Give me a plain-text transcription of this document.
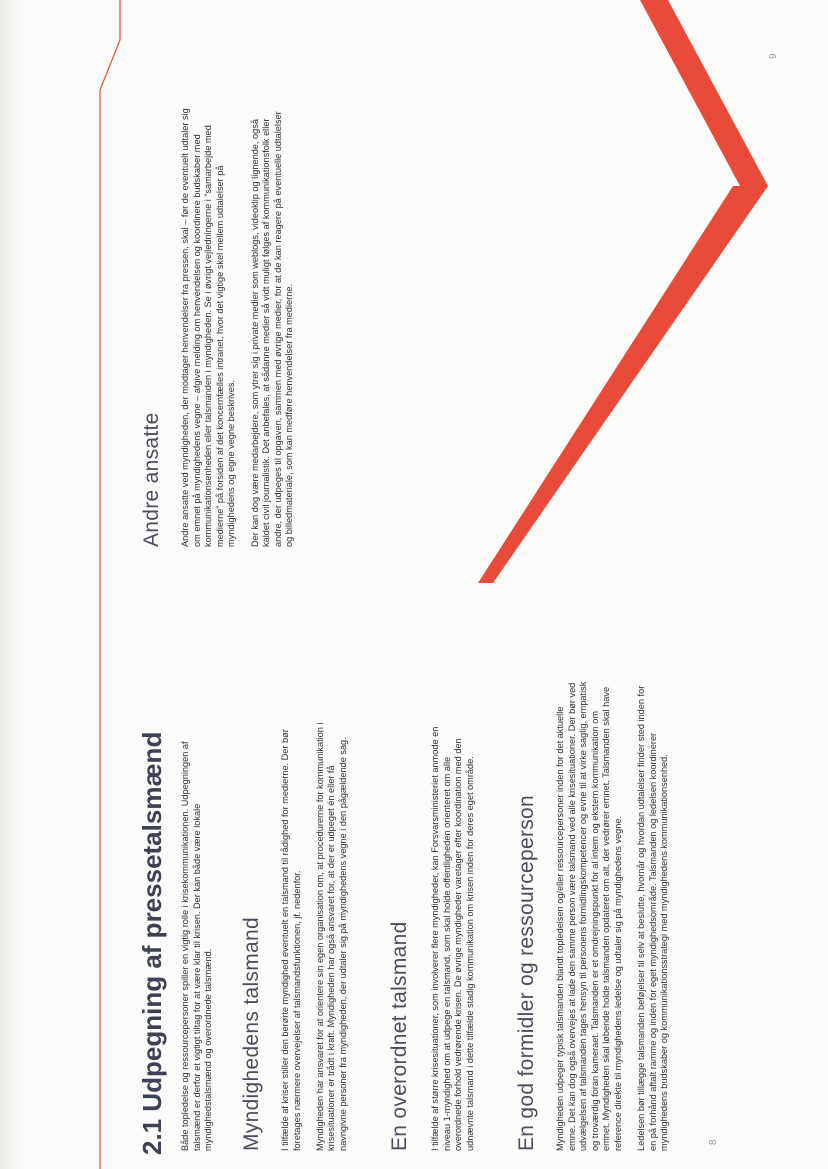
8
9
2.1 Udpegning af pressetalsmænd Både topledelse og ressourcepersoner spiller en vigtig rolle i krisekommunikationen. Udpegningen af talsmænd er derfor et vigtigt tiltag for at være klar til krisen. Der kan både være lokale myndighedstalsmænd og overordnede talsmænd. Myndighedens talsmand I tilfælde af kriser stiller den berørte myndighed eventuelt en talsmand til rådighed for medierne. Der bør foretages nærmere overvejelser af talsmandsfunktionen, jf. nedenfor. Myndigheden har ansvaret for at orientere sin egen organisation om, at procedurerne for kommunikation i krisesituationer er trådt i kraft. Myndigheden har også ansvaret for, at der er udpeget én eller få navngivne personer fra myndigheden, der udtaler sig på myndighedens vegne i den pågældende sag. En overordnet talsmand I tilfælde af større krisesituationer, som involverer flere myndigheder, kan Forsvarsministeriet anmode en niveau 1-myndighed om at udpege en talsmand, som skal holde offentligheden orienteret om alle overordnede forhold vedrørende krisen. De øvrige myndigheder varetager efter koordination med den udnævnte talsmand i dette tilfælde stadig kommunikation om krisen inden for deres eget område. En god formidler og ressourceperson Myndigheden udpeger typisk talsmanden blandt topledelsen og/eller ressourcepersoner inden for det aktuelle emne. Det kan dog også overvejes at lade den samme person være talsmand ved alle krisesituationer. Der bør ved udvælgelsen af talsmanden tages hensyn til personens formidlingskompetencer og evne til at virke saglig, empatisk og troværdig foran kameraet. Talsmanden er et omdrejningspunkt for al intern og ekstern kommunikation om emnet. Myndigheden skal løbende holde talsmanden opdateret om alt, der vedrører emnet. Talsmanden skal have reference direkte til myndighedens ledelse og udtaler sig på myndighedens vegne. Ledelsen bør tillægge talsmanden beføjelser til selv at beslutte, hvornår og hvordan udtalelser finder sted inden for en på forhånd aftalt ramme og inden for eget myndighedsområde. Talsmanden og ledelsen koordinerer myndighedens budskaber og kommunikationsstrategi med myndighedens kommunikationsenhed.

Andre ansatte Andre ansatte ved myndigheden, der modtager henvendelser fra pressen, skal – før de eventuelt udtaler sig om emnet på myndighedens vegne – afgive melding om henvendelsen og koordinere budskaber med kommunikationsenheden eller talsmanden i myndigheden. Se i øvrigt vejledningerne i “samarbejde med medierne” på forsiden af det koncernfælles intranet, hvor det vigtige skel mellem udtalelser på myndighedens og egne vegne beskrives. Der kan dog være medarbejdere, som ytrer sig i private medier som weblogs, videoklip og lignende, også kaldet civil journalistik. Det anbefales, at sådanne medier så vidt muligt følges af kommunikationsfolk eller andre, der udpeges til opgaven, sammen med øvrige medier, for at de kan reagere på eventuelle udtalelser og billedmateriale, som kan medføre henvendelser fra medierne.
